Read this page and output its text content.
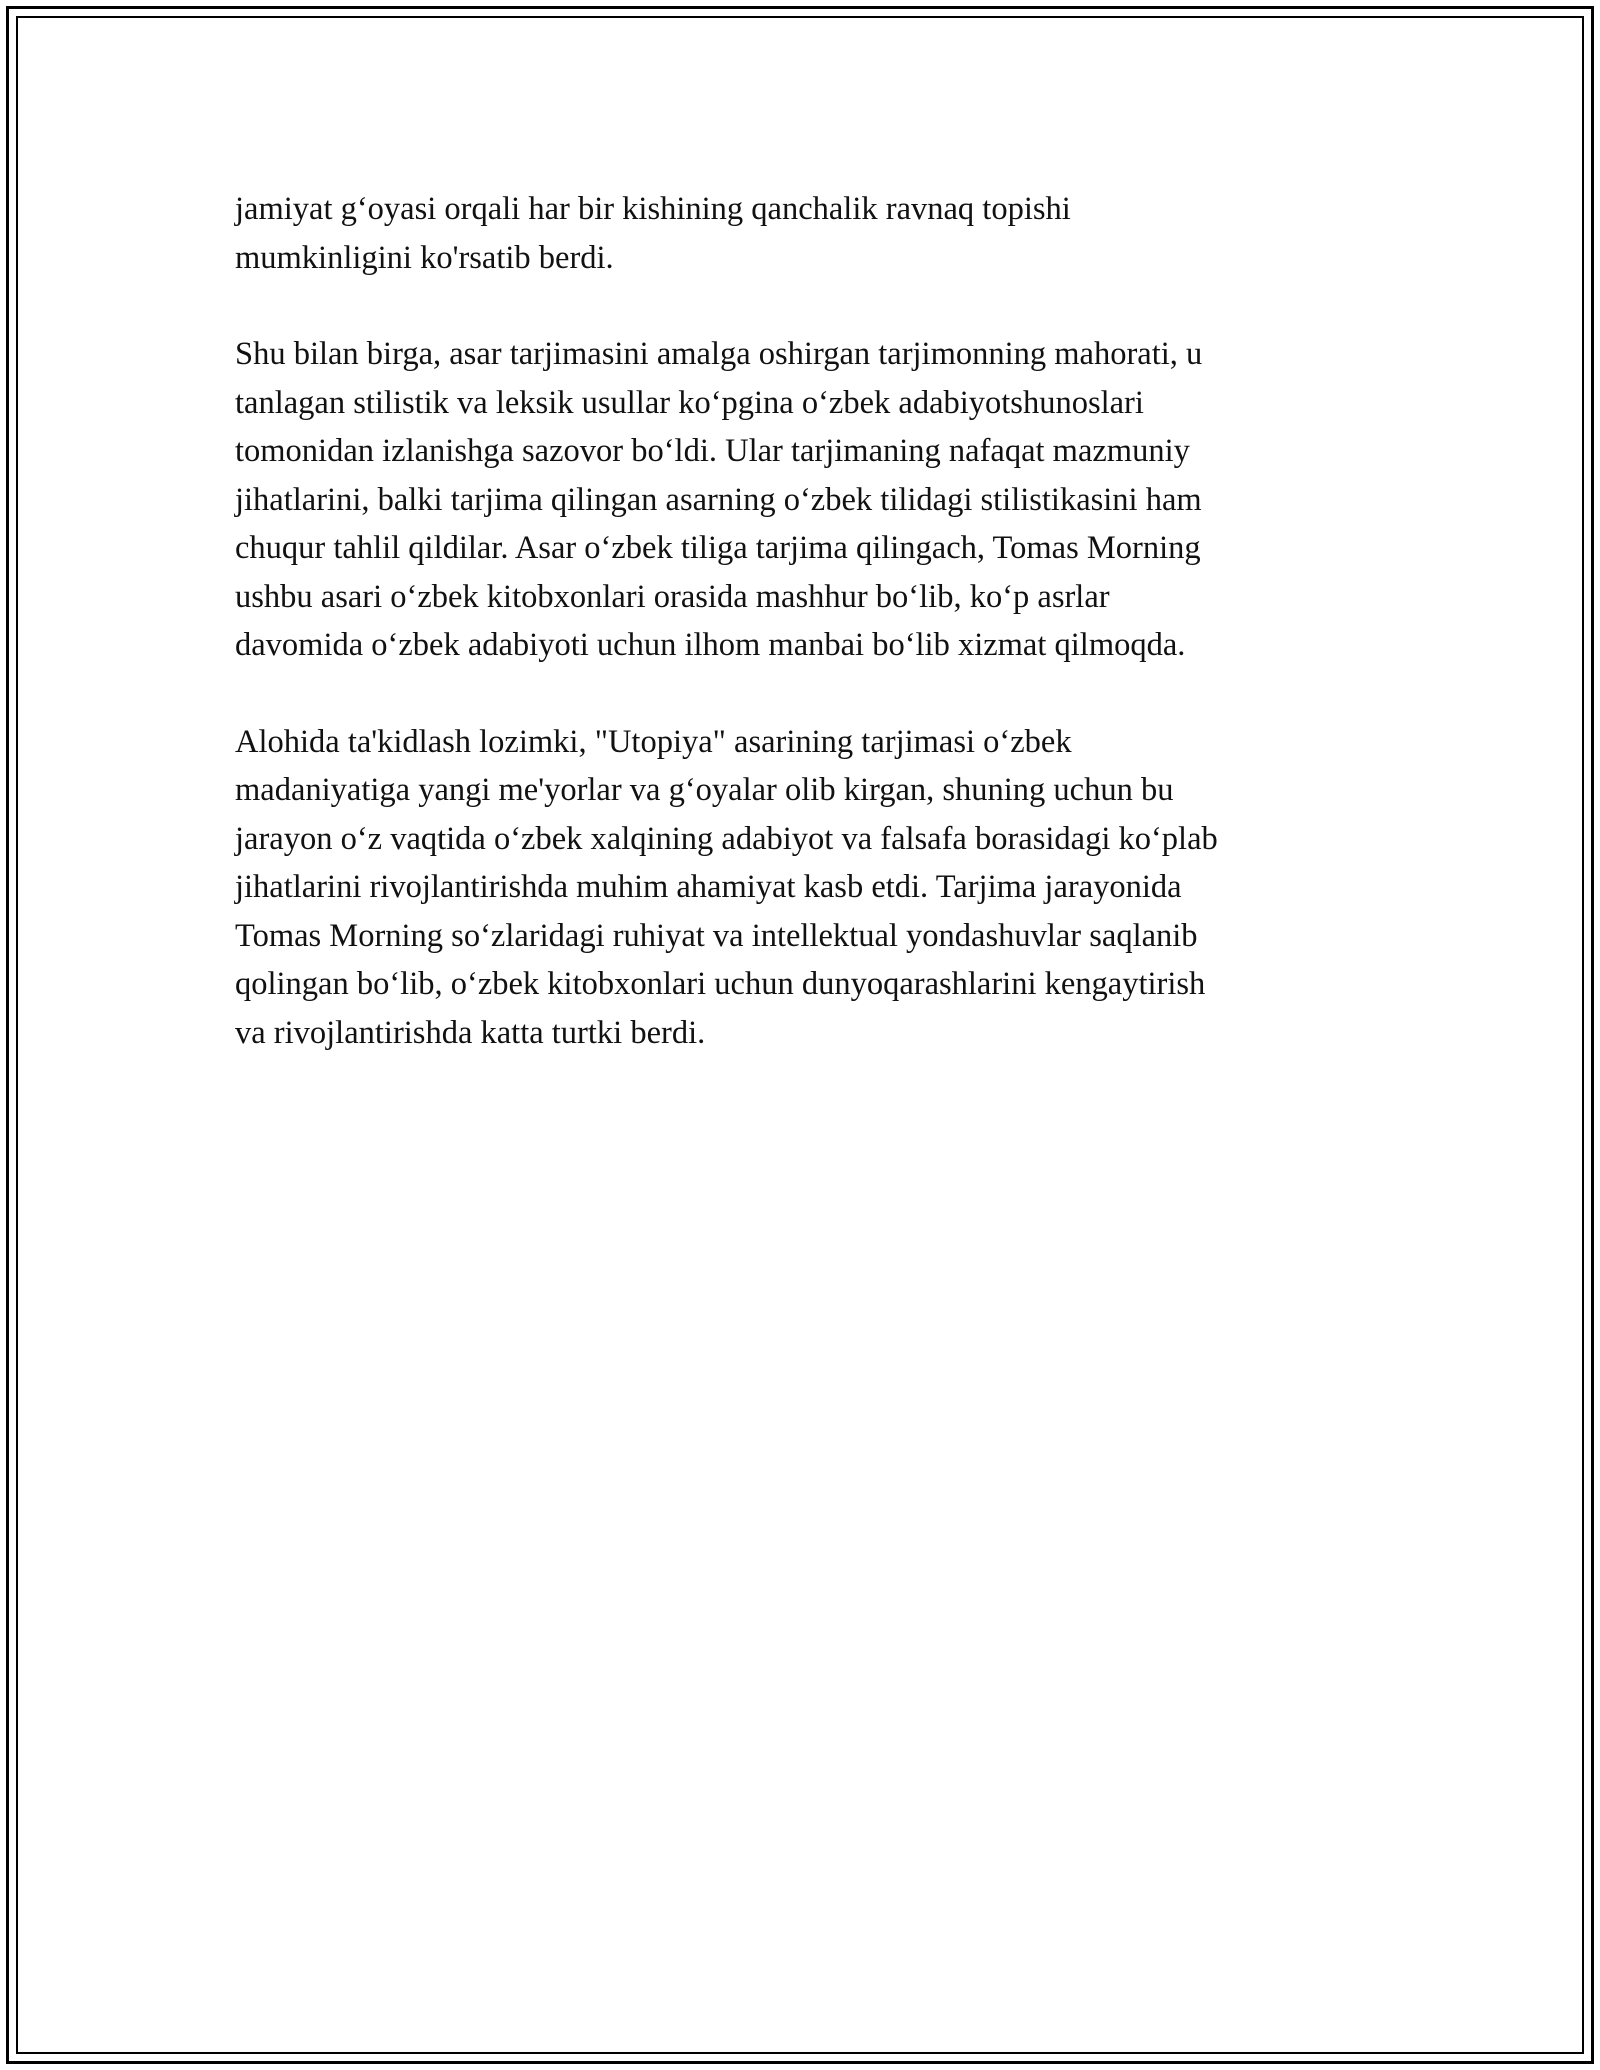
jamiyat g‘oyasi orqali har bir kishining qanchalik ravnaq topishi
mumkinligini ko'rsatib berdi.

Shu bilan birga, asar tarjimasini amalga oshirgan tarjimonning mahorati, u
tanlagan stilistik va leksik usullar ko‘pgina o‘zbek adabiyotshunoslari
tomonidan izlanishga sazovor bo‘ldi. Ular tarjimaning nafaqat mazmuniy
jihatlarini, balki tarjima qilingan asarning o‘zbek tilidagi stilistikasini ham
chuqur tahlil qildilar. Asar o‘zbek tiliga tarjima qilingach, Tomas Morning
ushbu asari o‘zbek kitobxonlari orasida mashhur bo‘lib, ko‘p asrlar
davomida o‘zbek adabiyoti uchun ilhom manbai bo‘lib xizmat qilmoqda.

Alohida ta'kidlash lozimki, "Utopiya" asarining tarjimasi o‘zbek
madaniyatiga yangi me'yorlar va g‘oyalar olib kirgan, shuning uchun bu
jarayon o‘z vaqtida o‘zbek xalqining adabiyot va falsafa borasidagi ko‘plab
jihatlarini rivojlantirishda muhim ahamiyat kasb etdi. Tarjima jarayonida
Tomas Morning so‘zlaridagi ruhiyat va intellektual yondashuvlar saqlanib
qolingan bo‘lib, o‘zbek kitobxonlari uchun dunyoqarashlarini kengaytirish
va rivojlantirishda katta turtki berdi.
